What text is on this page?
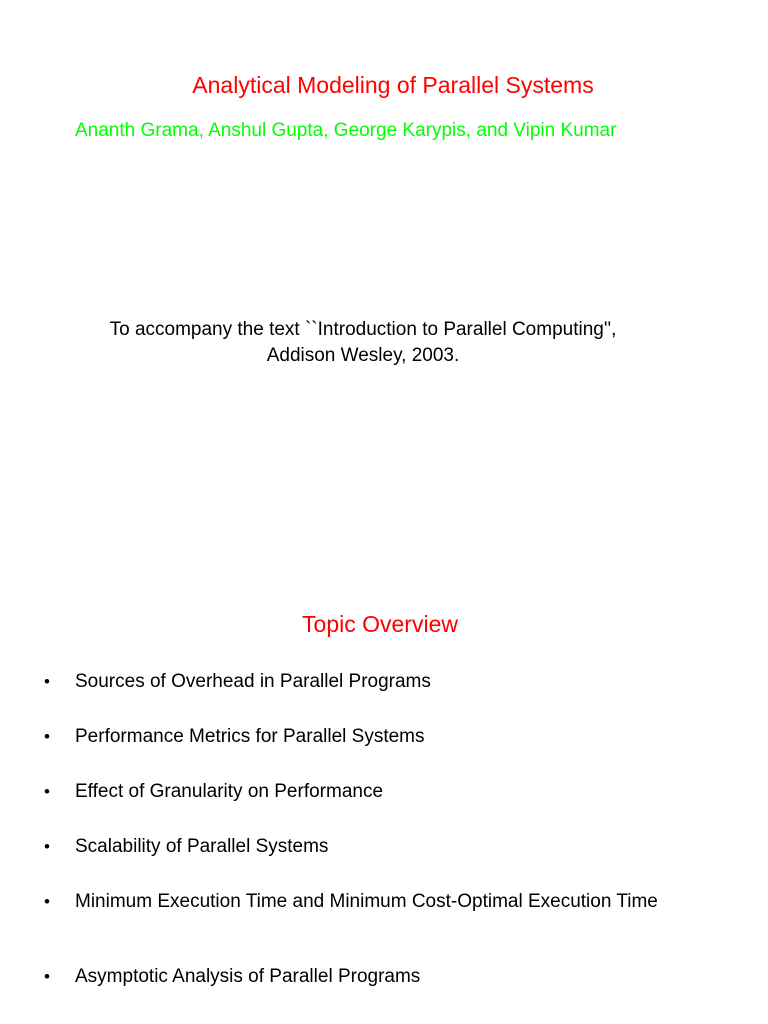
Analytical Modeling of Parallel Systems
Ananth Grama, Anshul Gupta, George Karypis, and Vipin Kumar
To accompany the text ``Introduction to Parallel Computing'',
Addison Wesley, 2003.
Topic Overview
• Sources of Overhead in Parallel Programs
• Performance Metrics for Parallel Systems
• Effect of Granularity on Performance
• Scalability of Parallel Systems
• Minimum Execution Time and Minimum Cost-Optimal Execution Time
• Asymptotic Analysis of Parallel Programs
